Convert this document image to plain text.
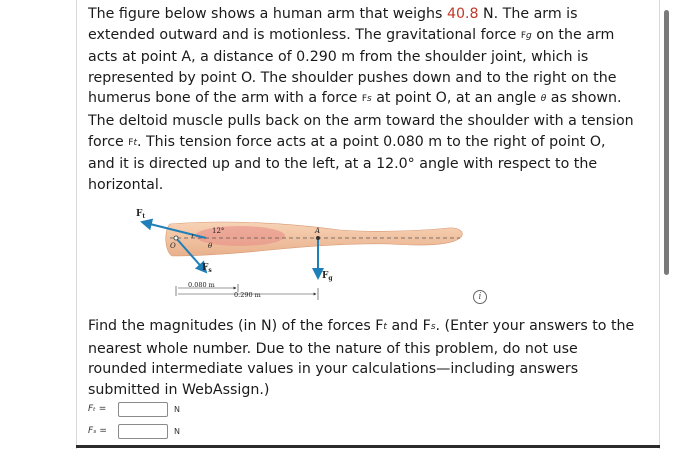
The figure below shows a human arm that weighs 40.8 N. The arm is

extended outward and is motionless. The gravitational force Fg on the arm

acts at point A, a distance of 0.290 m from the shoulder joint, which is

represented by point O. The shoulder pushes down and to the right on the

humerus bone of the arm with a force Fs at point O, at an angle θ as shown.

The deltoid muscle pulls back on the arm toward the shoulder with a tension

force Ft. This tension force acts at a point 0.080 m to the right of point O,

and it is directed up and to the left, at a 12.0° angle with respect to the

horizontal.

$F_t$
$F_s$
$F_g$
O
A
12°
θ
0.080 m
0.290 m	i

Find the magnitudes (in N) of the forces Ft and Fs. (Enter your answers to the

nearest whole number. Due to the nature of this problem, do not use

rounded intermediate values in your calculations—including answers

submitted in WebAssign.)

Fₜ =	N
Fₛ =	N
